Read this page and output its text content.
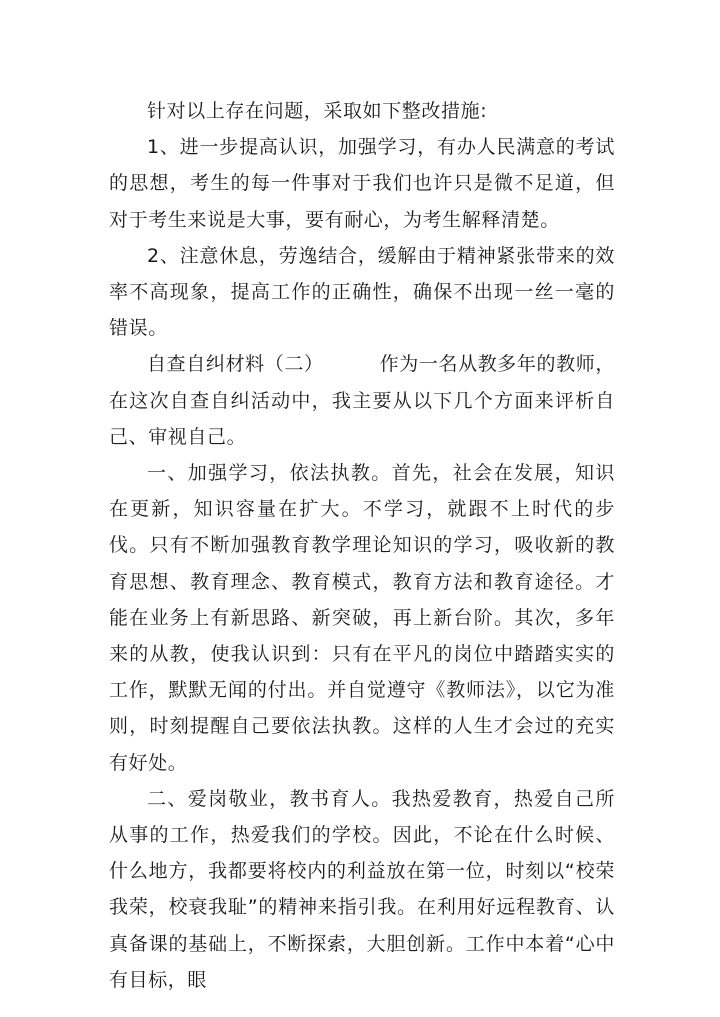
针对以上存在问题，采取如下整改措施:

1、进一步提高认识，加强学习，有办人民满意的考试的思想，考生的每一件事对于我们也许只是微不足道，但对于考生来说是大事，要有耐心，为考生解释清楚。

2、注意休息，劳逸结合，缓解由于精神紧张带来的效率不高现象，提高工作的正确性，确保不出现一丝一毫的错误。

自查自纠材料（二）	作为一名从教多年的教师，在这次自查自纠活动中，我主要从以下几个方面来评析自己、审视自己。

一、加强学习，依法执教。首先，社会在发展，知识在更新，知识容量在扩大。不学习，就跟不上时代的步伐。只有不断加强教育教学理论知识的学习，吸收新的教育思想、教育理念、教育模式，教育方法和教育途径。才能在业务上有新思路、新突破，再上新台阶。其次，多年来的从教，使我认识到：只有在平凡的岗位中踏踏实实的工作，默默无闻的付出。并自觉遵守《教师法》，以它为准则，时刻提醒自己要依法执教。这样的人生才会过的充实有好处。

二、爱岗敬业，教书育人。我热爱教育，热爱自己所从事的工作，热爱我们的学校。因此，不论在什么时候、什么地方，我都要将校内的利益放在第一位，时刻以“校荣我荣，校衰我耻”的精神来指引我。在利用好远程教育、认真备课的基础上，不断探索，大胆创新。工作中本着“心中有目标，眼
